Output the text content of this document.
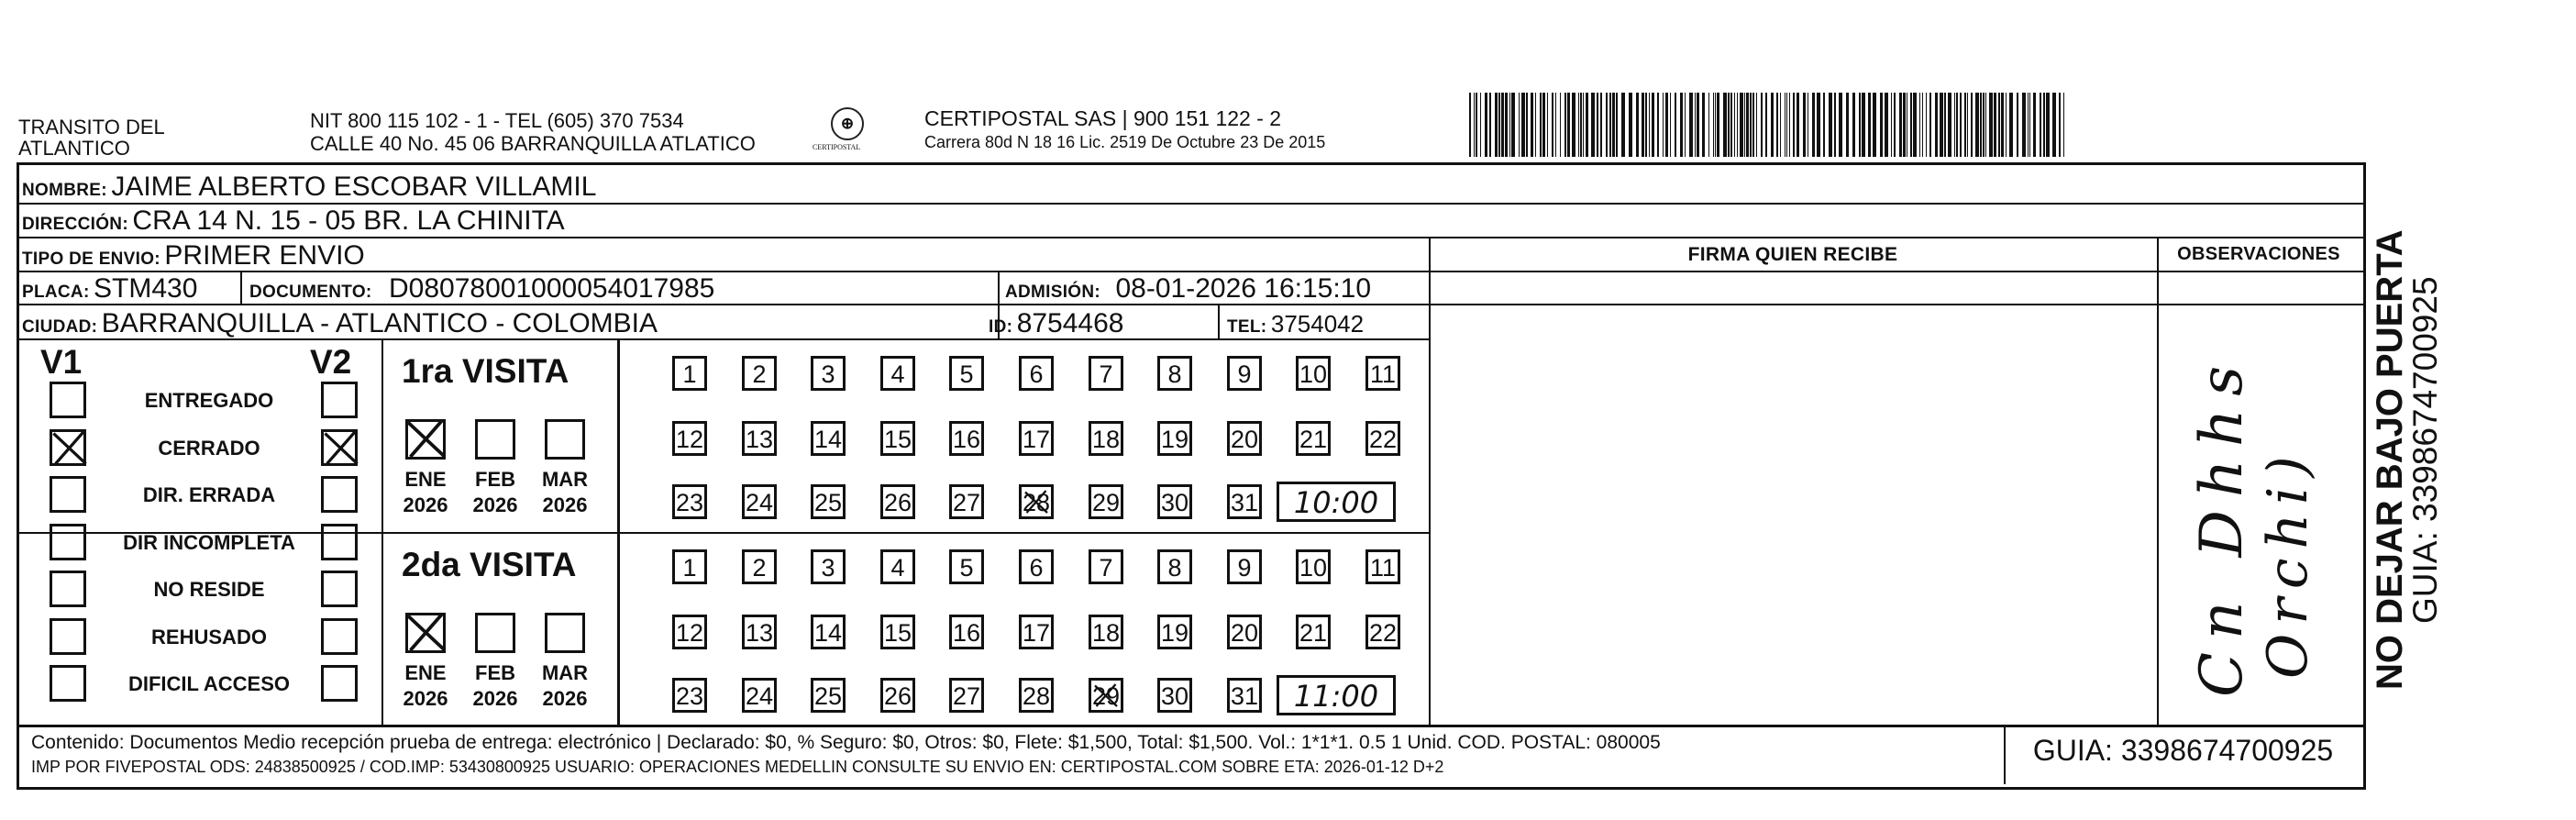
TRANSITO DEL
ATLANTICO
NIT 800 115 102 - 1 - TEL (605) 370 7534
CALLE 40 No. 45 06 BARRANQUILLA ATLATICO
⊕
CERTIPOSTAL
CERTIPOSTAL SAS | 900 151 122 - 2
Carrera 80d N 18 16 Lic. 2519 De Octubre 23 De 2015
NOMBRE: JAIME ALBERTO ESCOBAR VILLAMIL
DIRECCIÓN: CRA 14 N. 15 - 05 BR. LA CHINITA
TIPO DE ENVIO: PRIMER ENVIO
PLACA: STM430	DOCUMENTO: D08078001000054017985	ADMISIÓN: 08-01-2026 16:15:10
CIUDAD: BARRANQUILLA - ATLANTICO - COLOMBIA	ID: 8754468	TEL: 3754042
FIRMA QUIEN RECIBE	OBSERVACIONES
Cn Dhhs Orchi)
V1	V2
ENTREGADO
CERRADO
DIR. ERRADA
DIR INCOMPLETA
NO RESIDE
REHUSADO
DIFICIL ACCESO
1ra VISITA
ENE
2026
FEB
2026
MAR
2026
1	2	3	4	5	6	7	8	9	10 11
12 13 14 15 16 17 18 19 20 21 22
23 24 25 26 27 28 29 30 31	10:00
2da VISITA
ENE
2026
FEB
2026
MAR
2026
1	2	3	4	5	6	7	8	9	10 11
12 13 14 15 16 17 18 19 20 21 22
23 24 25 26 27 28 29 30 31	11:00
Contenido: Documentos Medio recepción prueba de entrega: electrónico | Declarado: $0, % Seguro: $0, Otros: $0, Flete: $1,500, Total: $1,500. Vol.: 1*1*1. 0.5 1 Unid. COD. POSTAL: 080005
IMP POR FIVEPOSTAL ODS: 24838500925 / COD.IMP: 53430800925 USUARIO: OPERACIONES MEDELLIN CONSULTE SU ENVIO EN: CERTIPOSTAL.COM SOBRE ETA: 2026-01-12 D+2	GUIA: 3398674700925
NO DEJAR BAJO PUERTA
GUIA: 3398674700925
